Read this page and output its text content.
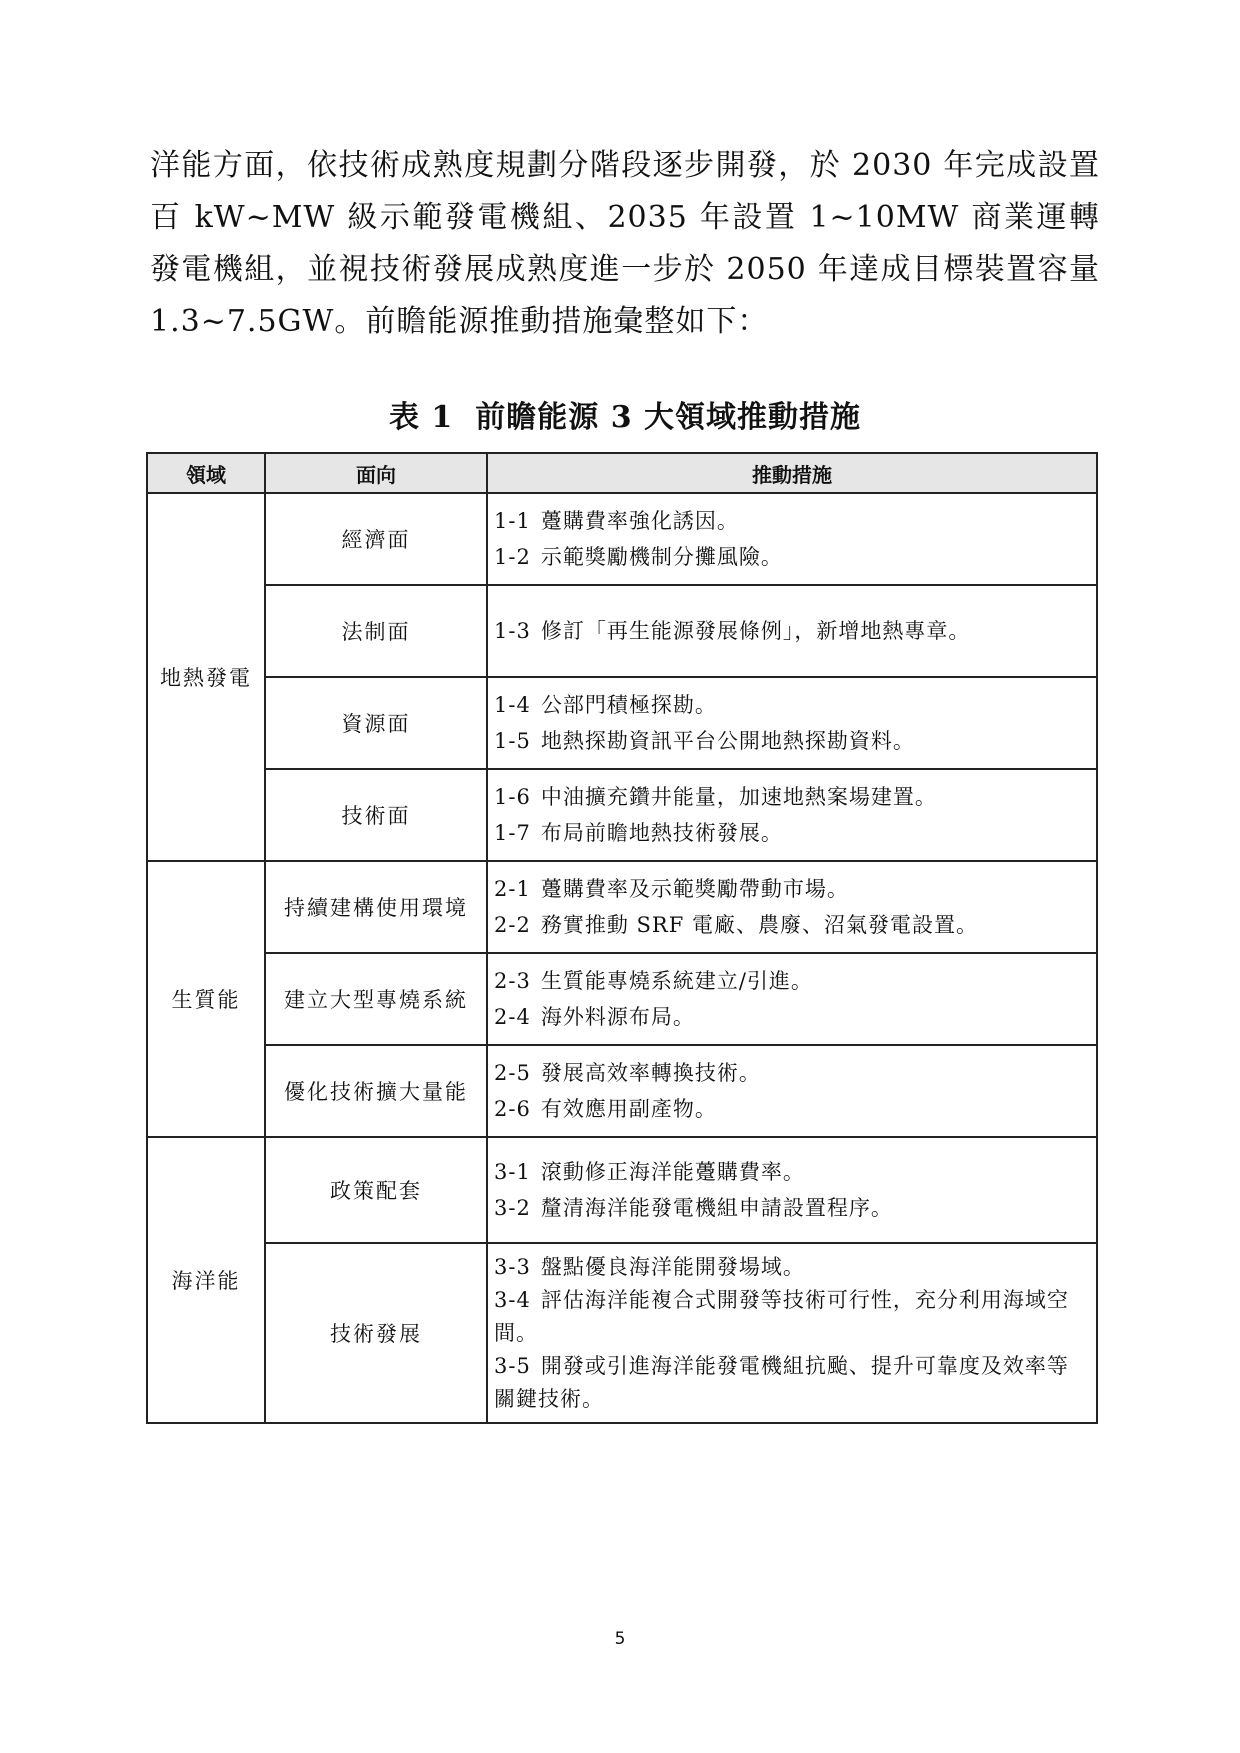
洋能方面，依技術成熟度規劃分階段逐步開發，於 2030 年完成設置百 kW~MW 級示範發電機組、2035 年設置 1~10MW 商業運轉發電機組，並視技術發展成熟度進一步於 2050 年達成目標裝置容量 1.3~7.5GW。前瞻能源推動措施彙整如下：

表 1 前瞻能源 3 大領域推動措施
領域	面向	推動措施
地熱發電	經濟面	1-1 躉購費率強化誘因。
1-2 示範獎勵機制分攤風險。

	法制面	1-3 修訂「再生能源發展條例」，新增地熱專章。

	資源面	1-4 公部門積極探勘。
1-5 地熱探勘資訊平台公開地熱探勘資料。

	技術面	1-6 中油擴充鑽井能量，加速地熱案場建置。
1-7 布局前瞻地熱技術發展。

生質能	持續建構使用環境	2-1 躉購費率及示範獎勵帶動市場。
2-2 務實推動 SRF 電廠、農廢、沼氣發電設置。

	建立大型專燒系統	2-3 生質能專燒系統建立/引進。
2-4 海外料源布局。

	優化技術擴大量能	2-5 發展高效率轉換技術。
2-6 有效應用副產物。

海洋能	政策配套	3-1 滾動修正海洋能躉購費率。
3-2 釐清海洋能發電機組申請設置程序。

	技術發展	3-3 盤點優良海洋能開發場域。
3-4 評估海洋能複合式開發等技術可行性，充分利用海域空間。
3-5 開發或引進海洋能發電機組抗颱、提升可靠度及效率等關鍵技術。
5
